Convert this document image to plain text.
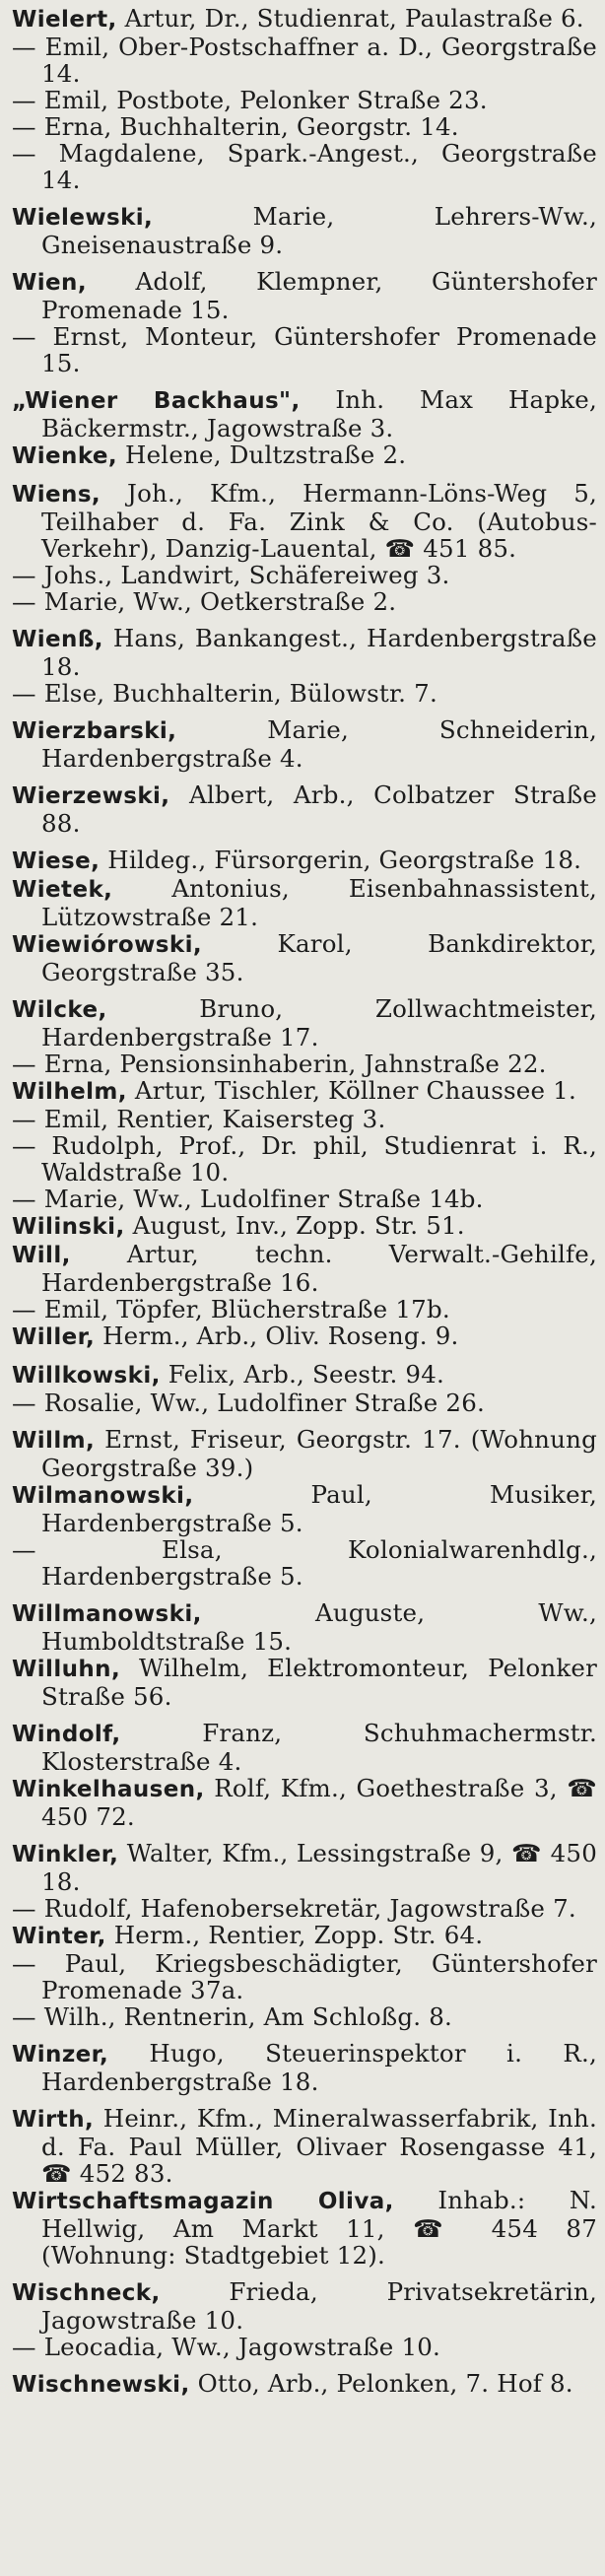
Wielert, Artur, Dr., Studienrat, Paulastraße 6.
— Emil, Ober-Postschaffner a. D., Georgstraße 14.
— Emil, Postbote, Pelonker Straße 23.
— Erna, Buchhalterin, Georgstr. 14.
— Magdalene, Spark.-Angest., Georgstraße 14.
Wielewski, Marie, Lehrers-Ww., Gneisenaustraße 9.
Wien, Adolf, Klempner, Güntershofer Promenade 15.
— Ernst, Monteur, Güntershofer Promenade 15.
„Wiener Backhaus", Inh. Max Hapke, Bäckermstr., Jagowstraße 3.
Wienke, Helene, Dultzstraße 2.
Wiens, Joh., Kfm., Hermann-Löns-Weg 5, Teilhaber d. Fa. Zink & Co. (Autobus-Verkehr), Danzig-Lauental, ☎ 451 85.
— Johs., Landwirt, Schäfereiweg 3.
— Marie, Ww., Oetkerstraße 2.
Wienß, Hans, Bankangest., Hardenbergstraße 18.
— Else, Buchhalterin, Bülowstr. 7.
Wierzbarski, Marie, Schneiderin, Hardenbergstraße 4.
Wierzewski, Albert, Arb., Colbatzer Straße 88.
Wiese, Hildeg., Fürsorgerin, Georgstraße 18.
Wietek, Antonius, Eisenbahnassistent, Lützowstraße 21.
Wiewiórowski, Karol, Bankdirektor, Georgstraße 35.
Wilcke, Bruno, Zollwachtmeister, Hardenbergstraße 17.
— Erna, Pensionsinhaberin, Jahnstraße 22.
Wilhelm, Artur, Tischler, Köllner Chaussee 1.
— Emil, Rentier, Kaisersteg 3.
— Rudolph, Prof., Dr. phil, Studienrat i. R., Waldstraße 10.
— Marie, Ww., Ludolfiner Straße 14b.
Wilinski, August, Inv., Zopp. Str. 51.
Will, Artur, techn. Verwalt.-Gehilfe, Hardenbergstraße 16.
— Emil, Töpfer, Blücherstraße 17b.
Willer, Herm., Arb., Oliv. Roseng. 9.
Willkowski, Felix, Arb., Seestr. 94.
— Rosalie, Ww., Ludolfiner Straße 26.
Willm, Ernst, Friseur, Georgstr. 17. (Wohnung Georgstraße 39.)
Wilmanowski, Paul, Musiker, Hardenbergstraße 5.
— Elsa, Kolonialwarenhdlg., Hardenbergstraße 5.
Willmanowski, Auguste, Ww., Humboldtstraße 15.
Willuhn, Wilhelm, Elektromonteur, Pelonker Straße 56.
Windolf, Franz, Schuhmachermstr. Klosterstraße 4.
Winkelhausen, Rolf, Kfm., Goethestraße 3, ☎ 450 72.
Winkler, Walter, Kfm., Lessingstraße 9, ☎ 450 18.
— Rudolf, Hafenobersekretär, Jagowstraße 7.
Winter, Herm., Rentier, Zopp. Str. 64.
— Paul, Kriegsbeschädigter, Güntershofer Promenade 37a.
— Wilh., Rentnerin, Am Schloßg. 8.
Winzer, Hugo, Steuerinspektor i. R., Hardenbergstraße 18.
Wirth, Heinr., Kfm., Mineralwasserfabrik, Inh. d. Fa. Paul Müller, Olivaer Rosengasse 41, ☎ 452 83.
Wirtschaftsmagazin Oliva, Inhab.: N. Hellwig, Am Markt 11, ☎ 454 87 (Wohnung: Stadtgebiet 12).
Wischneck, Frieda, Privatsekretärin, Jagowstraße 10.
— Leocadia, Ww., Jagowstraße 10.
Wischnewski, Otto, Arb., Pelonken, 7. Hof 8.
